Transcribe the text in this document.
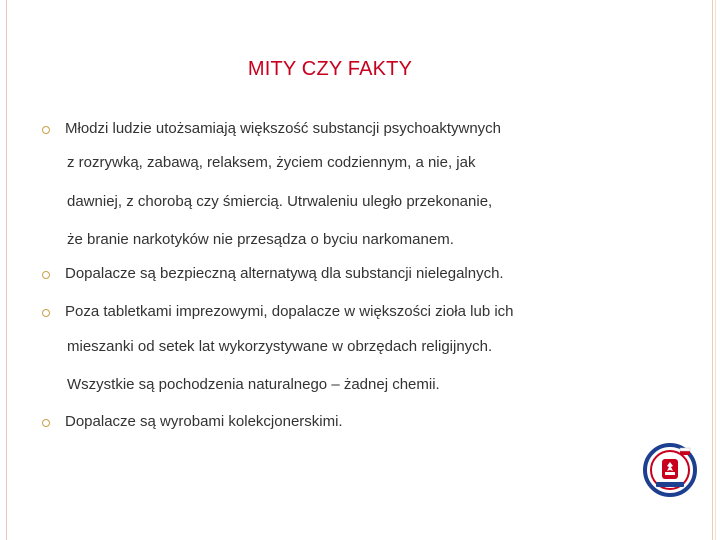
MITY CZY FAKTY
Młodzi ludzie utożsamiają większość substancji psychoaktywnych
z rozrywką, zabawą, relaksem, życiem codziennym, a nie, jak
dawniej, z chorobą czy śmiercią. Utrwaleniu uległo przekonanie,
że branie narkotyków nie przesądza o byciu narkomanem.
Dopalacze są bezpieczną alternatywą dla substancji nielegalnych.
Poza tabletkami imprezowymi, dopalacze w większości zioła lub ich
mieszanki od setek lat wykorzystywane w obrzędach religijnych.
Wszystkie są pochodzenia naturalnego – żadnej chemii.
Dopalacze są wyrobami kolekcjonerskimi.
